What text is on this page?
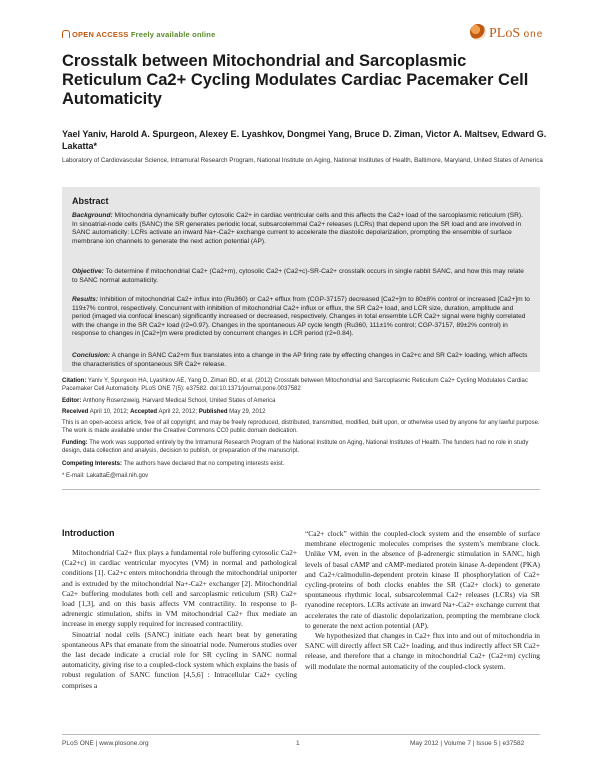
OPEN ACCESS Freely available online	PLoS one
Crosstalk between Mitochondrial and Sarcoplasmic Reticulum Ca2+ Cycling Modulates Cardiac Pacemaker Cell Automaticity
Yael Yaniv, Harold A. Spurgeon, Alexey E. Lyashkov, Dongmei Yang, Bruce D. Ziman, Victor A. Maltsev, Edward G. Lakatta*
Laboratory of Cardiovascular Science, Intramural Research Program, National Institute on Aging, National Institutes of Health, Baltimore, Maryland, United States of America
Abstract
Background: Mitochondria dynamically buffer cytosolic Ca2+ in cardiac ventricular cells and this affects the Ca2+ load of the sarcoplasmic reticulum (SR). In sinoatrial-node cells (SANC) the SR generates periodic local, subsarcolemmal Ca2+ releases (LCRs) that depend upon the SR load and are involved in SANC automaticity: LCRs activate an inward Na+-Ca2+ exchange current to accelerate the diastolic depolarization, prompting the ensemble of surface membrane ion channels to generate the next action potential (AP).
Objective: To determine if mitochondrial Ca2+ (Ca2+m), cytosolic Ca2+ (Ca2+c)-SR-Ca2+ crosstalk occurs in single rabbit SANC, and how this may relate to SANC normal automaticity.
Results: Inhibition of mitochondrial Ca2+ influx into (Ru360) or Ca2+ efflux from (CGP-37157) decreased [Ca2+]m to 80±8% control or increased [Ca2+]m to 119±7% control, respectively. Concurrent with inhibition of mitochondrial Ca2+ influx or efflux, the SR Ca2+ load, and LCR size, duration, amplitude and period (imaged via confocal linescan) significantly increased or decreased, respectively. Changes in total ensemble LCR Ca2+ signal were highly correlated with the change in the SR Ca2+ load (r2=0.97). Changes in the spontaneous AP cycle length (Ru360, 111±1% control; CGP-37157, 89±2% control) in response to changes in [Ca2+]m were predicted by concurrent changes in LCR period (r2=0.84).
Conclusion: A change in SANC Ca2+m flux translates into a change in the AP firing rate by effecting changes in Ca2+c and SR Ca2+ loading, which affects the characteristics of spontaneous SR Ca2+ release.
Citation: Yaniv Y, Spurgeon HA, Lyashkov AE, Yang D, Ziman BD, et al. (2012) Crosstalk between Mitochondrial and Sarcoplasmic Reticulum Ca2+ Cycling Modulates Cardiac Pacemaker Cell Automaticity. PLoS ONE 7(5): e37582. doi:10.1371/journal.pone.0037582
Editor: Anthony Rosenzweig, Harvard Medical School, United States of America
Received April 10, 2012; Accepted April 22, 2012; Published May 29, 2012
This is an open-access article, free of all copyright, and may be freely reproduced, distributed, transmitted, modified, built upon, or otherwise used by anyone for any lawful purpose. The work is made available under the Creative Commons CC0 public domain dedication.
Funding: The work was supported entirely by the Intramural Research Program of the National Institute on Aging, National Institutes of Health. The funders had no role in study design, data collection and analysis, decision to publish, or preparation of the manuscript.
Competing Interests: The authors have declared that no competing interests exist.
* E-mail: LakattaE@mail.nih.gov
Introduction

Mitochondrial Ca2+ flux plays a fundamental role buffering cytosolic Ca2+ (Ca2+c) in cardiac ventricular myocytes (VM) in normal and pathological conditions [1]. Ca2+c enters mitochondria through the mitochondrial uniporter and is extruded by the mitochondrial Na+-Ca2+ exchanger [2]. Mitochondrial Ca2+ buffering modulates both cell and sarcoplasmic reticulum (SR) Ca2+ load [1,3], and on this basis affects VM contractility. In response to β-adrenergic stimulation, shifts in VM mitochondrial Ca2+ flux mediate an increase in energy supply required for increased contractility.

Sinoatrial nodal cells (SANC) initiate each heart beat by generating spontaneous APs that emanate from the sinoatrial node. Numerous studies over the last decade indicate a crucial role for SR cycling in SANC normal automaticity, giving rise to a coupled-clock system which explains the basis of robust regulation of SANC function [4,5,6] : Intracellular Ca2+ cycling comprises a

“Ca2+ clock” within the coupled-clock system and the ensemble of surface membrane electrogenic molecules comprises the system’s membrane clock. Unlike VM, even in the absence of β-adrenergic stimulation in SANC, high levels of basal cAMP and cAMP-mediated protein kinase A-dependent (PKA) and Ca2+/calmodulin-dependent protein kinase II phosphorylation of Ca2+ cycling-proteins of both clocks enables the SR (Ca2+ clock) to generate spontaneous rhythmic local, subsarcolemmal Ca2+ releases (LCRs) via SR ryanodine receptors. LCRs activate an inward Na+-Ca2+ exchange current that accelerates the rate of diastolic depolarization, prompting the membrane clock to generate the next action potential (AP).

We hypothesized that changes in Ca2+ flux into and out of mitochondria in SANC will directly affect SR Ca2+ loading, and thus indirectly affect SR Ca2+ release, and therefore that a change in mitochondrial Ca2+ (Ca2+m) cycling will modulate the normal automaticity of the coupled-clock system.

PLoS ONE | www.plosone.org	1	May 2012 | Volume 7 | Issue 5 | e37582
